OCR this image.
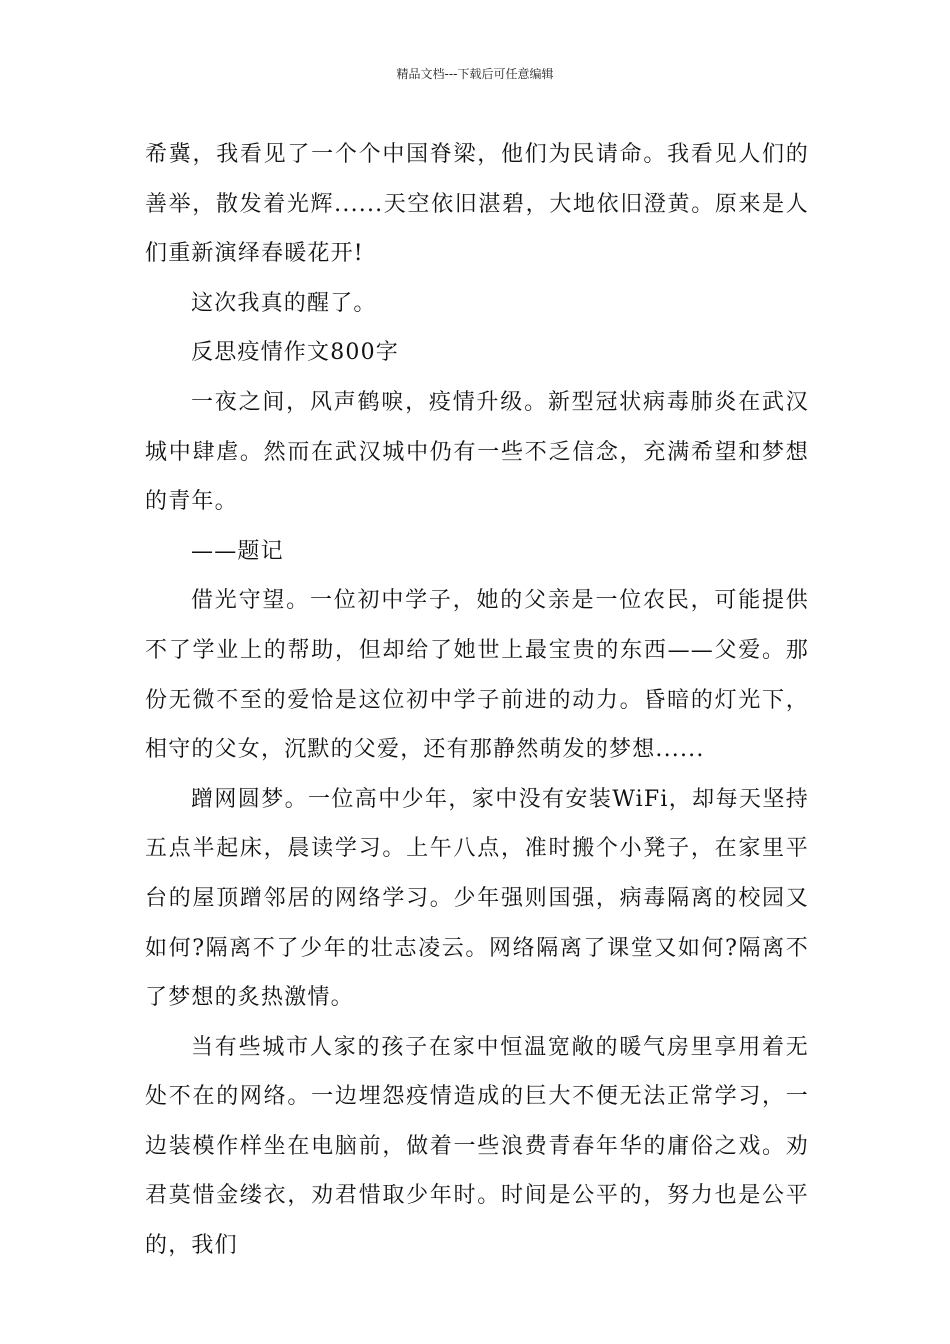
精品文档---下载后可任意编辑

希冀，我看见了一个个中国脊梁，他们为民请命。我看见人们的善举，散发着光辉......天空依旧湛碧，大地依旧澄黄。原来是人们重新演绎春暖花开!

这次我真的醒了。

反思疫情作文800字

一夜之间，风声鹤唳，疫情升级。新型冠状病毒肺炎在武汉城中肆虐。然而在武汉城中仍有一些不乏信念，充满希望和梦想的青年。

——题记

借光守望。一位初中学子，她的父亲是一位农民，可能提供不了学业上的帮助，但却给了她世上最宝贵的东西——父爱。那份无微不至的爱恰是这位初中学子前进的动力。昏暗的灯光下，相守的父女，沉默的父爱，还有那静然萌发的梦想......

蹭网圆梦。一位高中少年，家中没有安装WiFi，却每天坚持五点半起床，晨读学习。上午八点，准时搬个小凳子，在家里平台的屋顶蹭邻居的网络学习。少年强则国强，病毒隔离的校园又如何?隔离不了少年的壮志凌云。网络隔离了课堂又如何?隔离不了梦想的炙热激情。

当有些城市人家的孩子在家中恒温宽敞的暖气房里享用着无处不在的网络。一边埋怨疫情造成的巨大不便无法正常学习，一边装模作样坐在电脑前，做着一些浪费青春年华的庸俗之戏。劝君莫惜金缕衣，劝君惜取少年时。时间是公平的，努力也是公平的，我们
